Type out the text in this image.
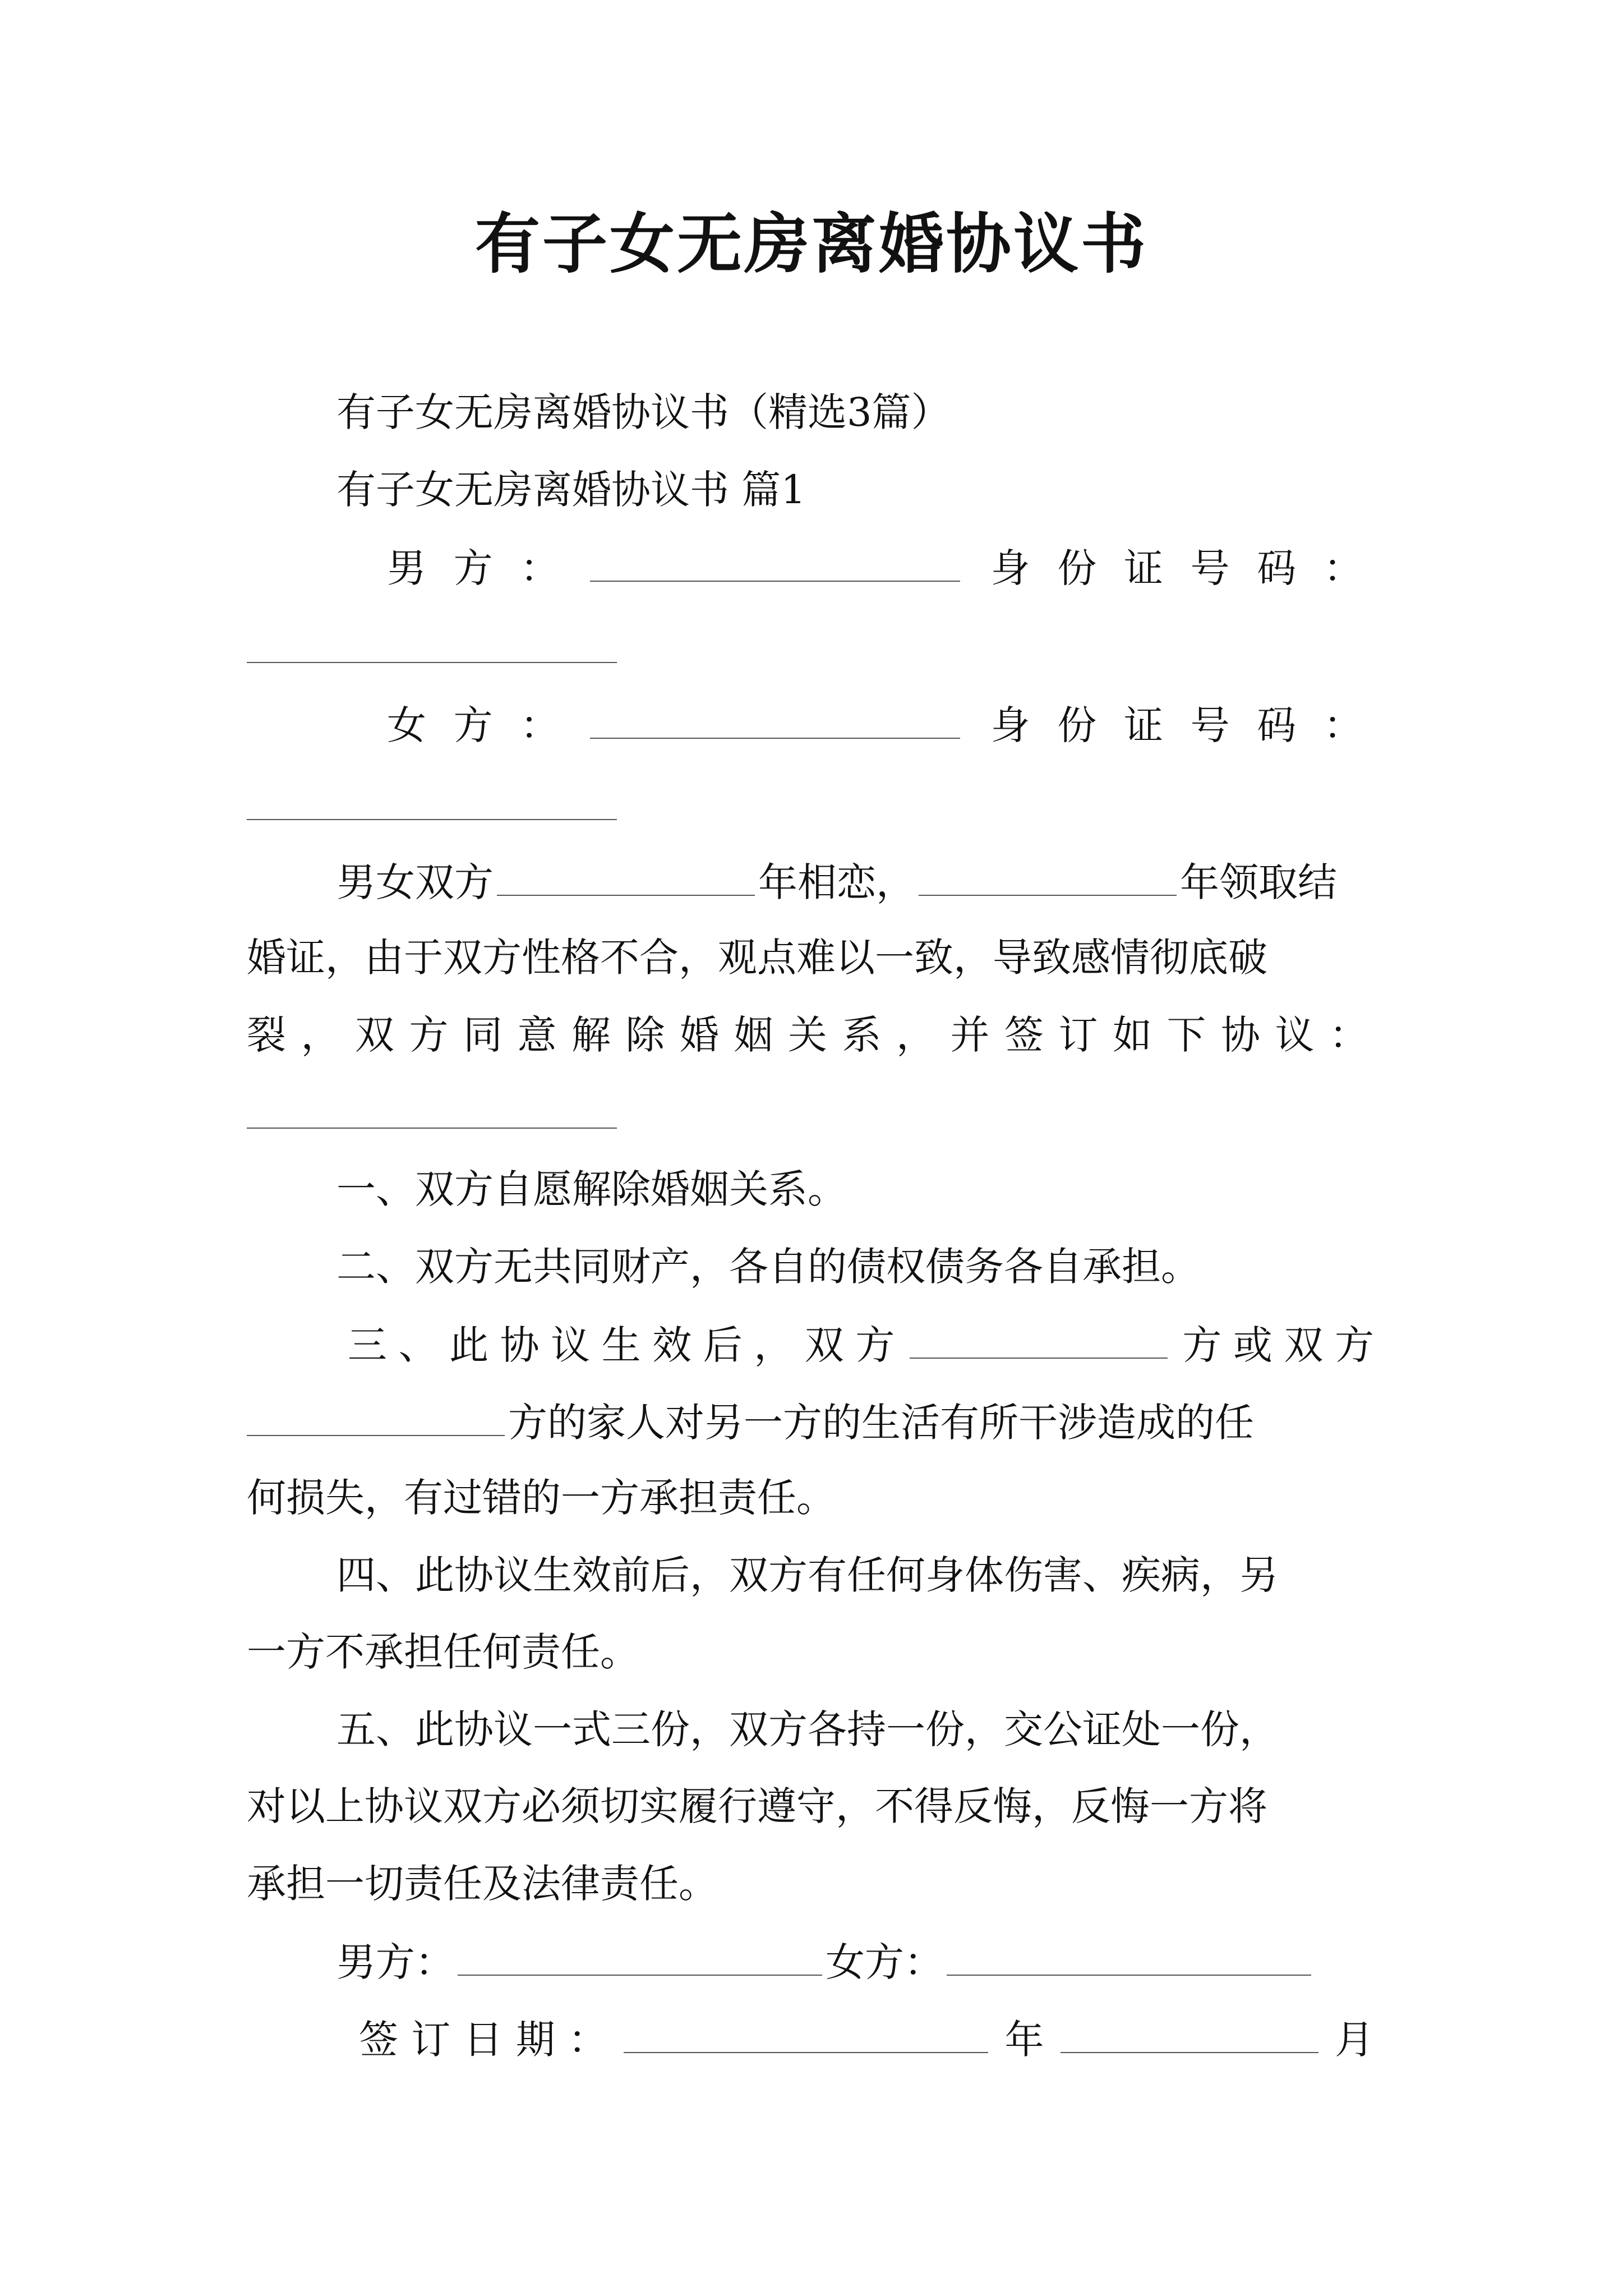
有子女无房离婚协议书
有子女无房离婚协议书（精选3篇）
有子女无房离婚协议书 篇1
男 方 ：	身 份 证 号 码 ：
女 方 ：	身 份 证 号 码 ：
男女双方	年相恋，	年领取结
婚证，由于双方性格不合，观点难以一致，导致感情彻底破
裂 ， 双 方 同 意 解 除 婚 姻 关 系 ， 并 签 订 如 下 协 议 ：
一、双方自愿解除婚姻关系。
二、双方无共同财产，各自的债权债务各自承担。
三 、 此 协 议 生 效 后 ， 双 方	方 或 双 方
方的家人对另一方的生活有所干涉造成的任
何损失，有过错的一方承担责任。
四、此协议生效前后，双方有任何身体伤害、疾病，另
一方不承担任何责任。
五、此协议一式三份，双方各持一份，交公证处一份，
对以上协议双方必须切实履行遵守，不得反悔，反悔一方将
承担一切责任及法律责任。
男方：	女方：
签 订 日 期 ：	年	月
